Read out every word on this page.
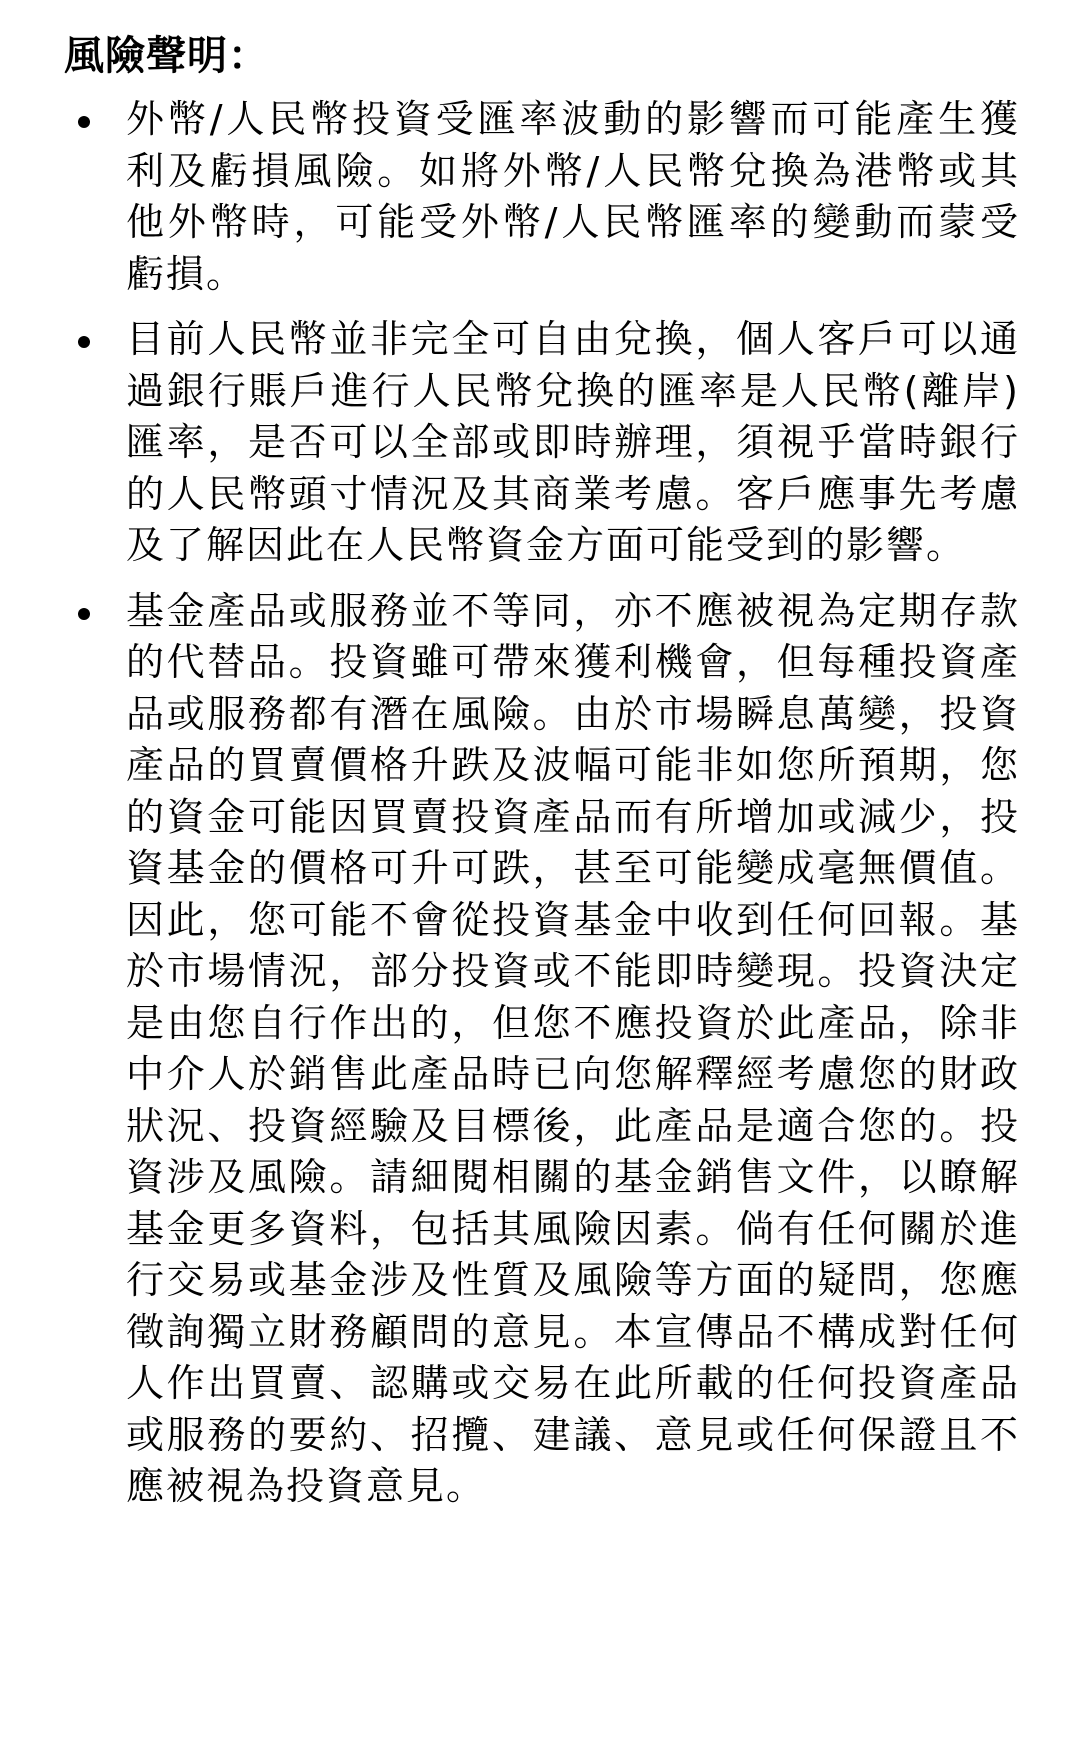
風險聲明：
外幣/人民幣投資受匯率波動的影響而可能產生獲利及虧損風險。如將外幣/人民幣兌換為港幣或其他外幣時，可能受外幣/人民幣匯率的變動而蒙受虧損。
目前人民幣並非完全可自由兌換，個人客戶可以通過銀行賬戶進行人民幣兌換的匯率是人民幣(離岸)匯率，是否可以全部或即時辦理，須視乎當時銀行的人民幣頭寸情況及其商業考慮。客戶應事先考慮及了解因此在人民幣資金方面可能受到的影響。
基金產品或服務並不等同，亦不應被視為定期存款的代替品。投資雖可帶來獲利機會，但每種投資產品或服務都有潛在風險。由於市場瞬息萬變，投資產品的買賣價格升跌及波幅可能非如您所預期，您的資金可能因買賣投資產品而有所增加或減少，投資基金的價格可升可跌，甚至可能變成毫無價值。因此，您可能不會從投資基金中收到任何回報。基於市場情況，部分投資或不能即時變現。投資決定是由您自行作出的，但您不應投資於此產品，除非中介人於銷售此產品時已向您解釋經考慮您的財政狀況、投資經驗及目標後，此產品是適合您的。投資涉及風險。請細閱相關的基金銷售文件，以瞭解基金更多資料，包括其風險因素。倘有任何關於進行交易或基金涉及性質及風險等方面的疑問，您應徵詢獨立財務顧問的意見。本宣傳品不構成對任何人作出買賣、認購或交易在此所載的任何投資產品或服務的要約、招攬、建議、意見或任何保證且不應被視為投資意見。
